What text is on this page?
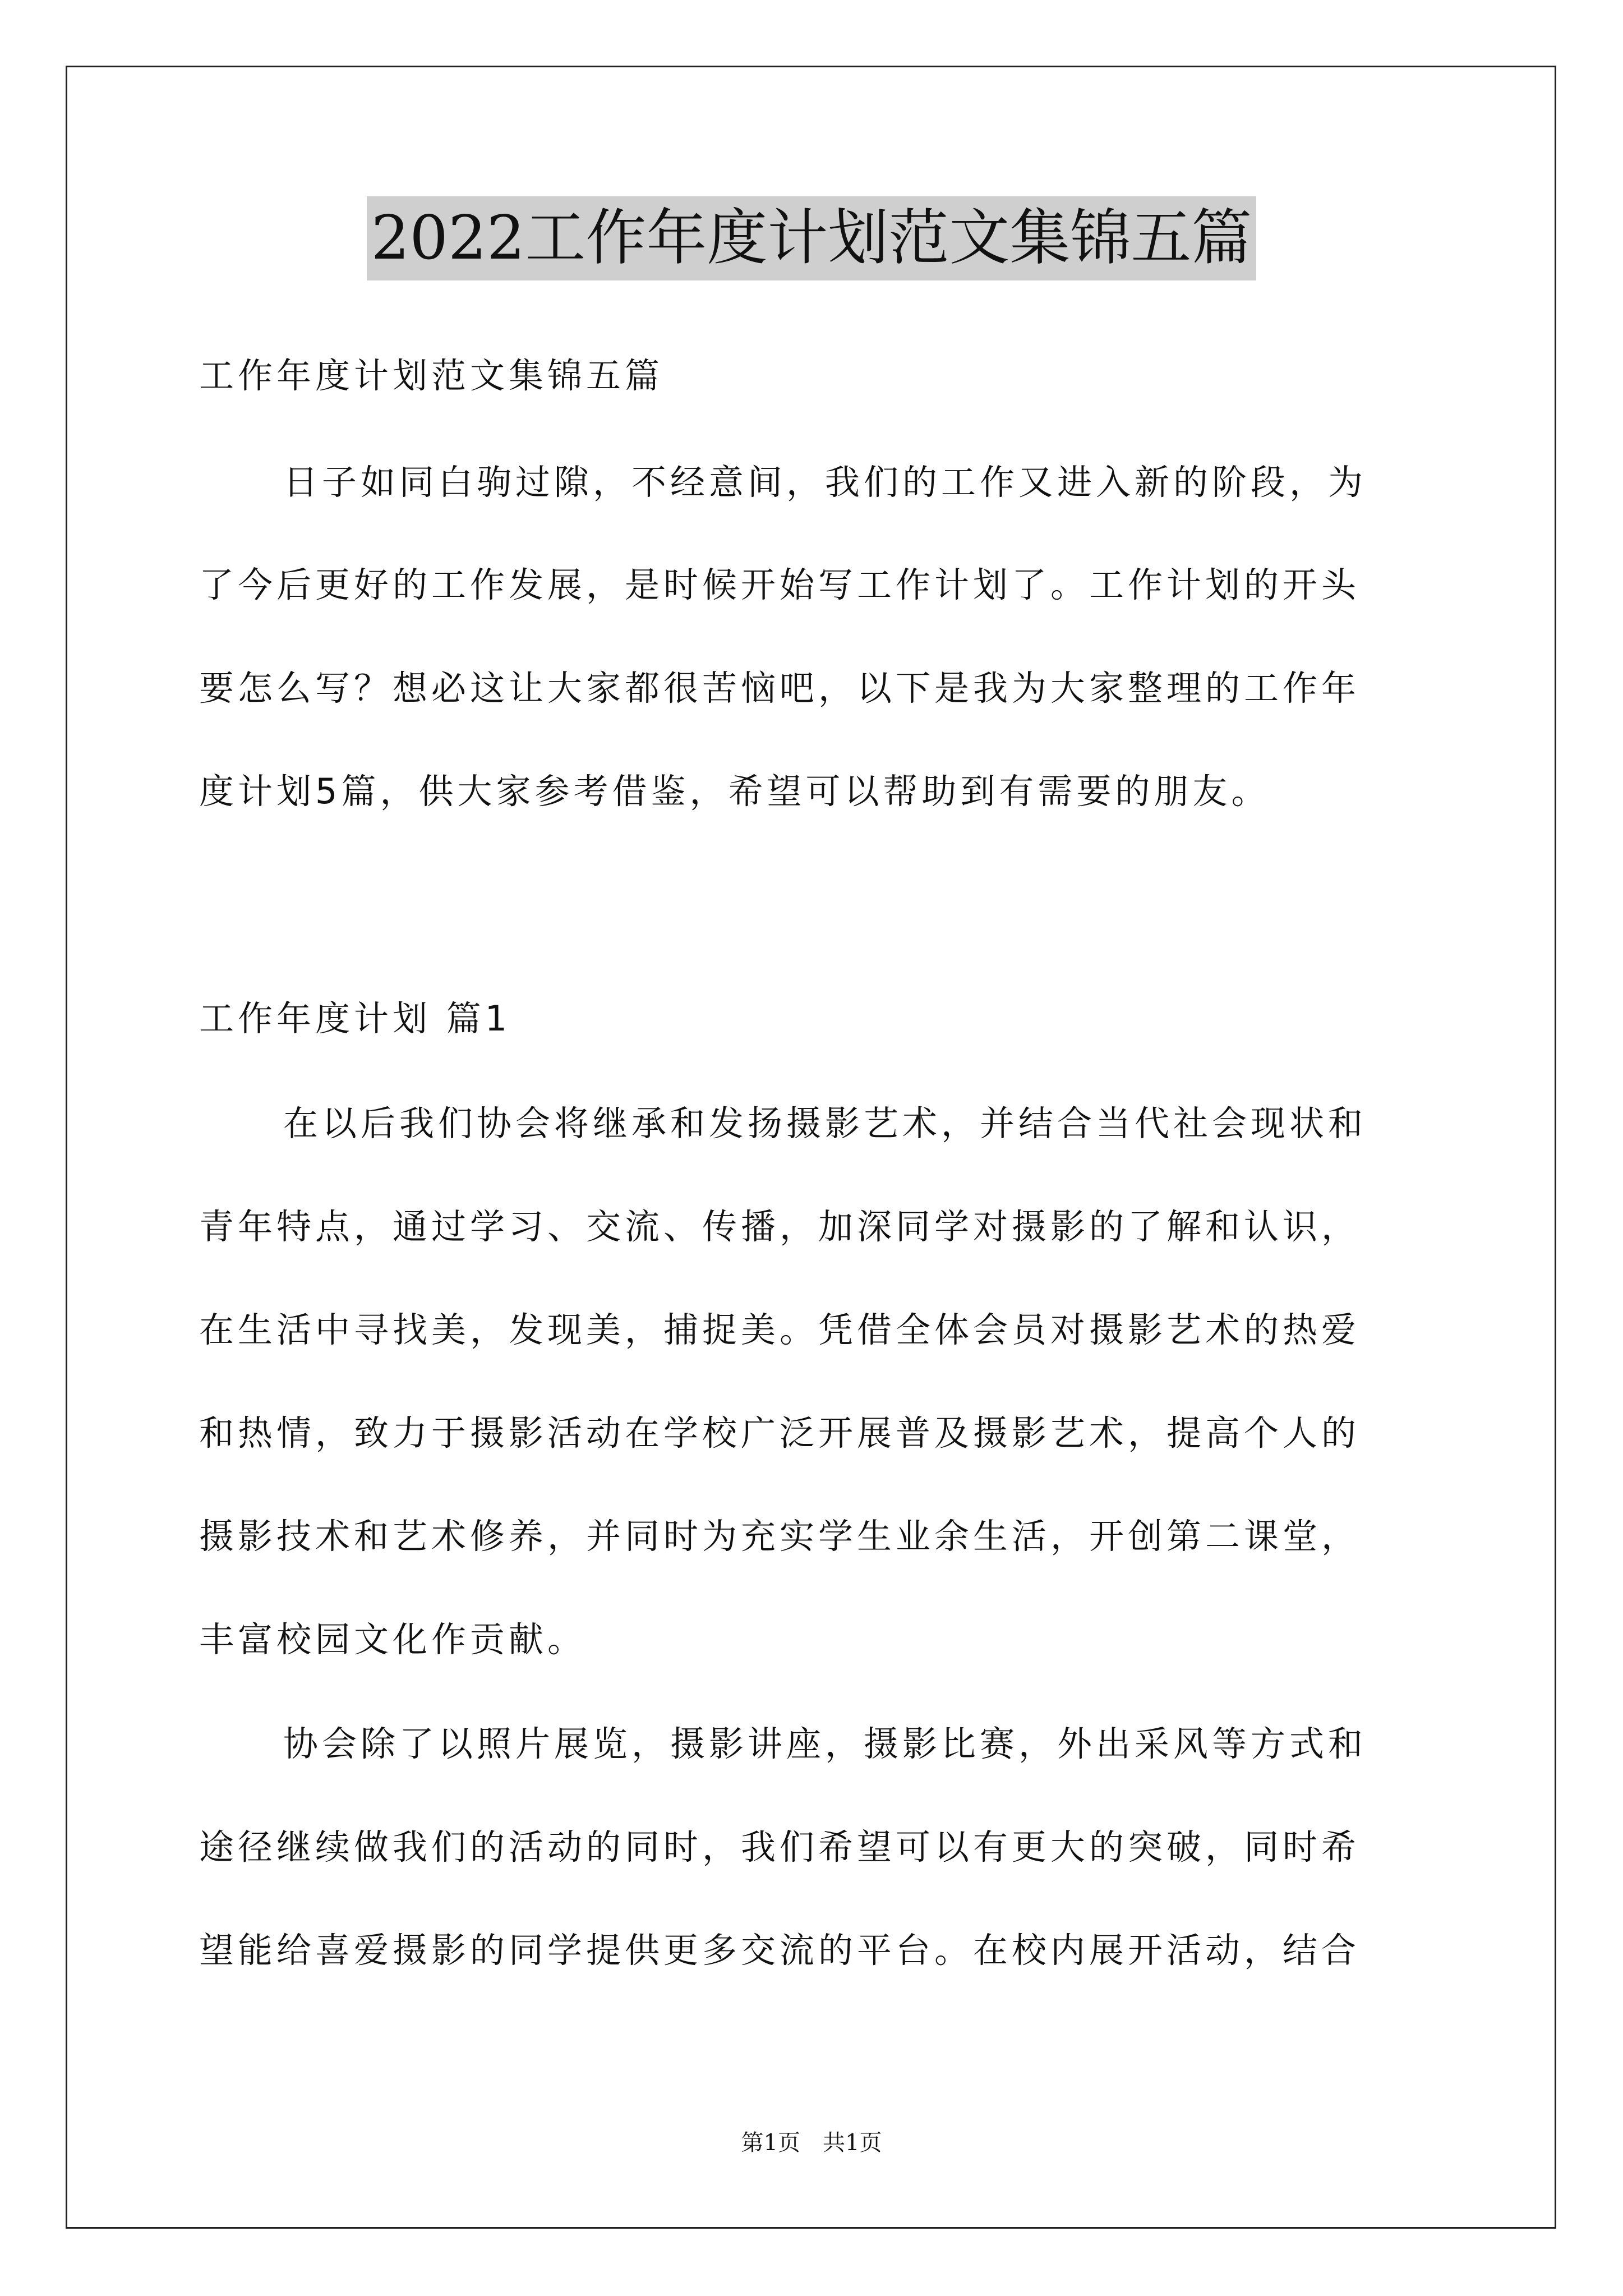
2022工作年度计划范文集锦五篇
工作年度计划范文集锦五篇
日子如同白驹过隙，不经意间，我们的工作又进入新的阶段，为
了今后更好的工作发展，是时候开始写工作计划了。工作计划的开头
要怎么写？想必这让大家都很苦恼吧，以下是我为大家整理的工作年
度计划5篇，供大家参考借鉴，希望可以帮助到有需要的朋友。
工作年度计划 篇1
在以后我们协会将继承和发扬摄影艺术，并结合当代社会现状和
青年特点，通过学习、交流、传播，加深同学对摄影的了解和认识，
在生活中寻找美，发现美，捕捉美。凭借全体会员对摄影艺术的热爱
和热情，致力于摄影活动在学校广泛开展普及摄影艺术，提高个人的
摄影技术和艺术修养，并同时为充实学生业余生活，开创第二课堂，
丰富校园文化作贡献。
协会除了以照片展览，摄影讲座，摄影比赛，外出采风等方式和
途径继续做我们的活动的同时，我们希望可以有更大的突破，同时希
望能给喜爱摄影的同学提供更多交流的平台。在校内展开活动，结合
第1页　共1页
